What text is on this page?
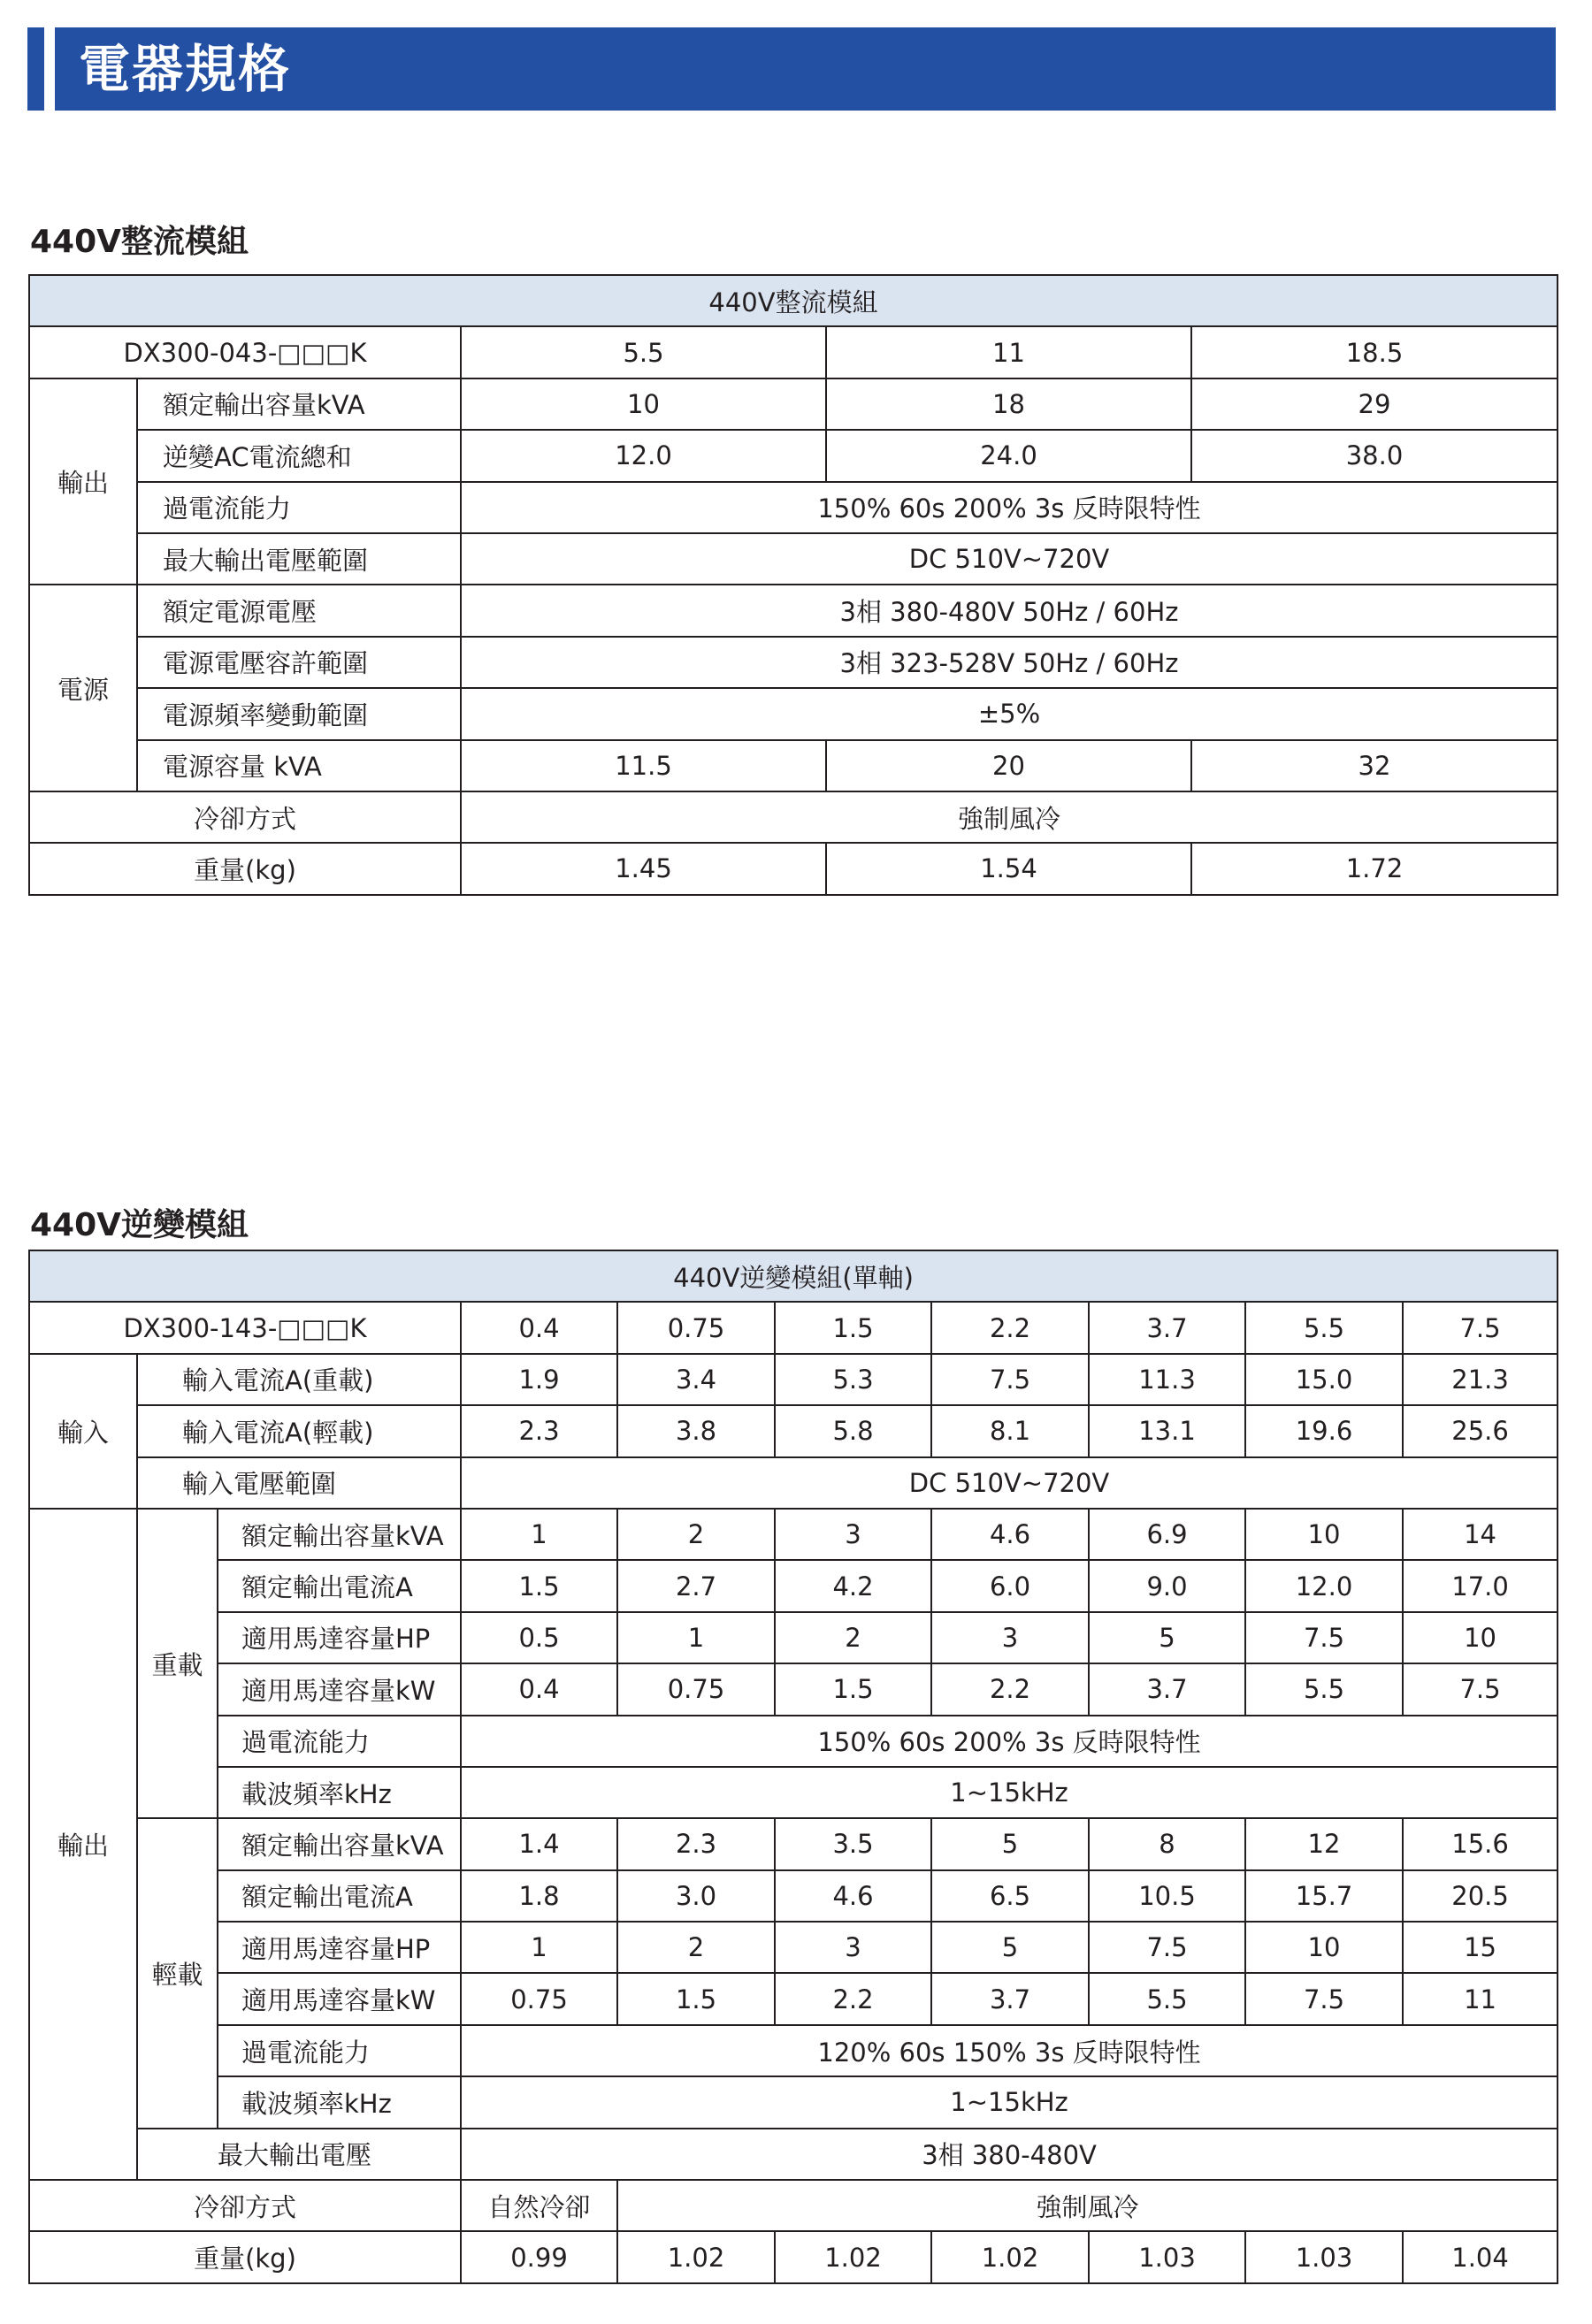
電器規格
440V整流模組
440V整流模組				
DX300-043-□□□K		5.5	11	18.5
輸出	額定輸出容量kVA	10	18	29
	逆變AC電流總和	12.0	24.0	38.0
	過電流能力	150% 60s 200% 3s 反時限特性		
	最大輸出電壓範圍	DC 510V~720V		
電源	額定電源電壓	3相 380-480V 50Hz / 60Hz		
	電源電壓容許範圍	3相 323-528V 50Hz / 60Hz		
	電源頻率變動範圍	±5%		
	電源容量 kVA	11.5	20	32
冷卻方式		強制風冷		
重量(kg)		1.45	1.54	1.72
440V逆變模組
440V逆變模組(單軸)									
DX300-143-□□□K			0.4	0.75	1.5	2.2	3.7	5.5	7.5
輸入	輸入電流A(重載)		1.9	3.4	5.3	7.5	11.3	15.0	21.3
	輸入電流A(輕載)		2.3	3.8	5.8	8.1	13.1	19.6	25.6
	輸入電壓範圍		DC 510V~720V						
輸出	重載	額定輸出容量kVA	1	2	3	4.6	6.9	10	14
		額定輸出電流A	1.5	2.7	4.2	6.0	9.0	12.0	17.0
		適用馬達容量HP	0.5	1	2	3	5	7.5	10
		適用馬達容量kW	0.4	0.75	1.5	2.2	3.7	5.5	7.5
		過電流能力	150% 60s 200% 3s 反時限特性						
		載波頻率kHz	1~15kHz						
	輕載	額定輸出容量kVA	1.4	2.3	3.5	5	8	12	15.6
		額定輸出電流A	1.8	3.0	4.6	6.5	10.5	15.7	20.5
		適用馬達容量HP	1	2	3	5	7.5	10	15
		適用馬達容量kW	0.75	1.5	2.2	3.7	5.5	7.5	11
		過電流能力	120% 60s 150% 3s 反時限特性						
		載波頻率kHz	1~15kHz						
	最大輸出電壓		3相 380-480V						
冷卻方式			自然冷卻	強制風冷					
重量(kg)			0.99	1.02	1.02	1.02	1.03	1.03	1.04
